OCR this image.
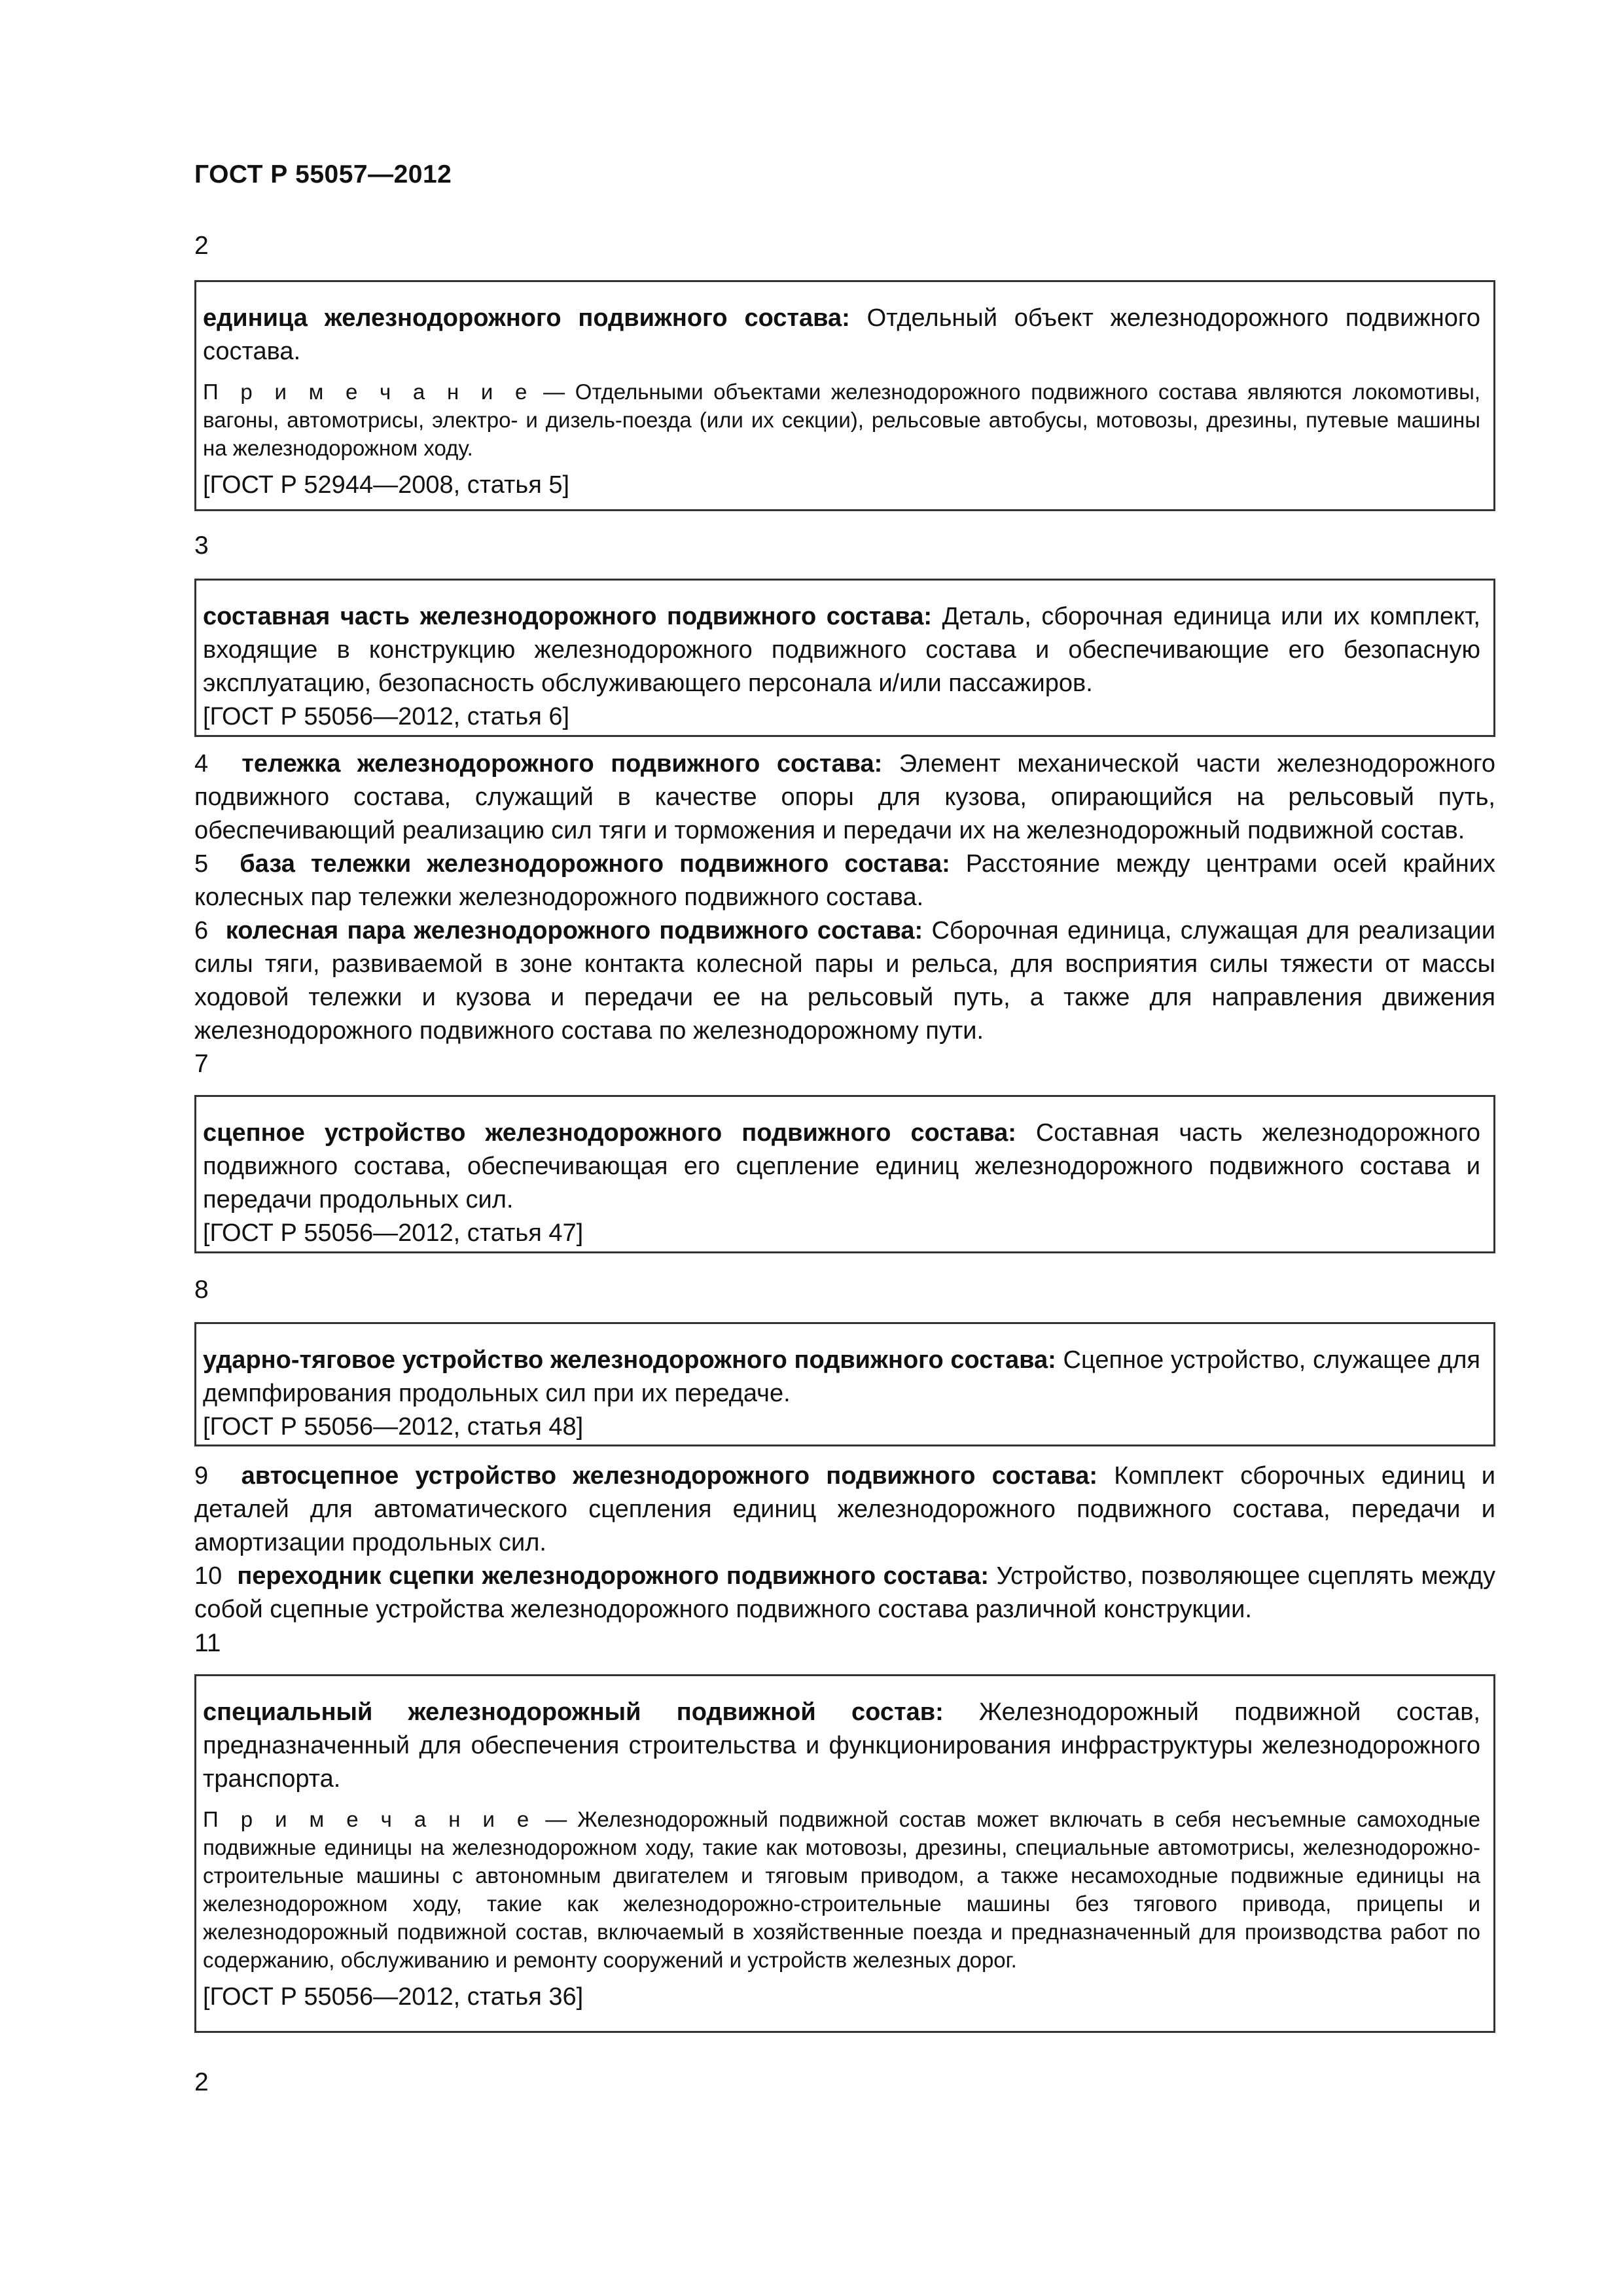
ГОСТ Р 55057—2012
2

единица железнодорожного подвижного состава: Отдельный объект железнодорожного подвижного состава.

П р и м е ч а н и е — Отдельными объектами железнодорожного подвижного состава являются локомотивы, вагоны, автомотрисы, электро- и дизель-поезда (или их секции), рельсовые автобусы, мотовозы, дрезины, путевые машины на железнодорожном ходу.

[ГОСТ Р 52944—2008, статья 5]

3

составная часть железнодорожного подвижного состава: Деталь, сборочная единица или их комплект, входящие в конструкцию железнодорожного подвижного состава и обеспечивающие его безопасную эксплуатацию, безопасность обслуживающего персонала и/или пассажиров.

[ГОСТ Р 55056—2012, статья 6]

4 тележка железнодорожного подвижного состава: Элемент механической части железнодорожного подвижного состава, служащий в качестве опоры для кузова, опирающийся на рельсовый путь, обеспечивающий реализацию сил тяги и торможения и передачи их на железнодорожный подвижной состав.

5 база тележки железнодорожного подвижного состава: Расстояние между центрами осей крайних колесных пар тележки железнодорожного подвижного состава.

6 колесная пара железнодорожного подвижного состава: Сборочная единица, служащая для реализации силы тяги, развиваемой в зоне контакта колесной пары и рельса, для восприятия силы тяжести от массы ходовой тележки и кузова и передачи ее на рельсовый путь, а также для направления движения железнодорожного подвижного состава по железнодорожному пути.

7

сцепное устройство железнодорожного подвижного состава: Составная часть железнодорожного подвижного состава, обеспечивающая его сцепление единиц железнодорожного подвижного состава и передачи продольных сил.

[ГОСТ Р 55056—2012, статья 47]

8

ударно-тяговое устройство железнодорожного подвижного состава: Сцепное устройство, служащее для демпфирования продольных сил при их передаче.

[ГОСТ Р 55056—2012, статья 48]

9 автосцепное устройство железнодорожного подвижного состава: Комплект сборочных единиц и деталей для автоматического сцепления единиц железнодорожного подвижного состава, передачи и амортизации продольных сил.

10 переходник сцепки железнодорожного подвижного состава: Устройство, позволяющее сцеплять между собой сцепные устройства железнодорожного подвижного состава различной конструкции.

11

специальный железнодорожный подвижной состав: Железнодорожный подвижной состав, предназначенный для обеспечения строительства и функционирования инфраструктуры железнодорожного транспорта.

П р и м е ч а н и е — Железнодорожный подвижной состав может включать в себя несъемные самоходные подвижные единицы на железнодорожном ходу, такие как мотовозы, дрезины, специальные автомотрисы, железнодорожно-строительные машины с автономным двигателем и тяговым приводом, а также несамоходные подвижные единицы на железнодорожном ходу, такие как железнодорожно-строительные машины без тягового привода, прицепы и железнодорожный подвижной состав, включаемый в хозяйственные поезда и предназначенный для производства работ по содержанию, обслуживанию и ремонту сооружений и устройств железных дорог.

[ГОСТ Р 55056—2012, статья 36]

2
